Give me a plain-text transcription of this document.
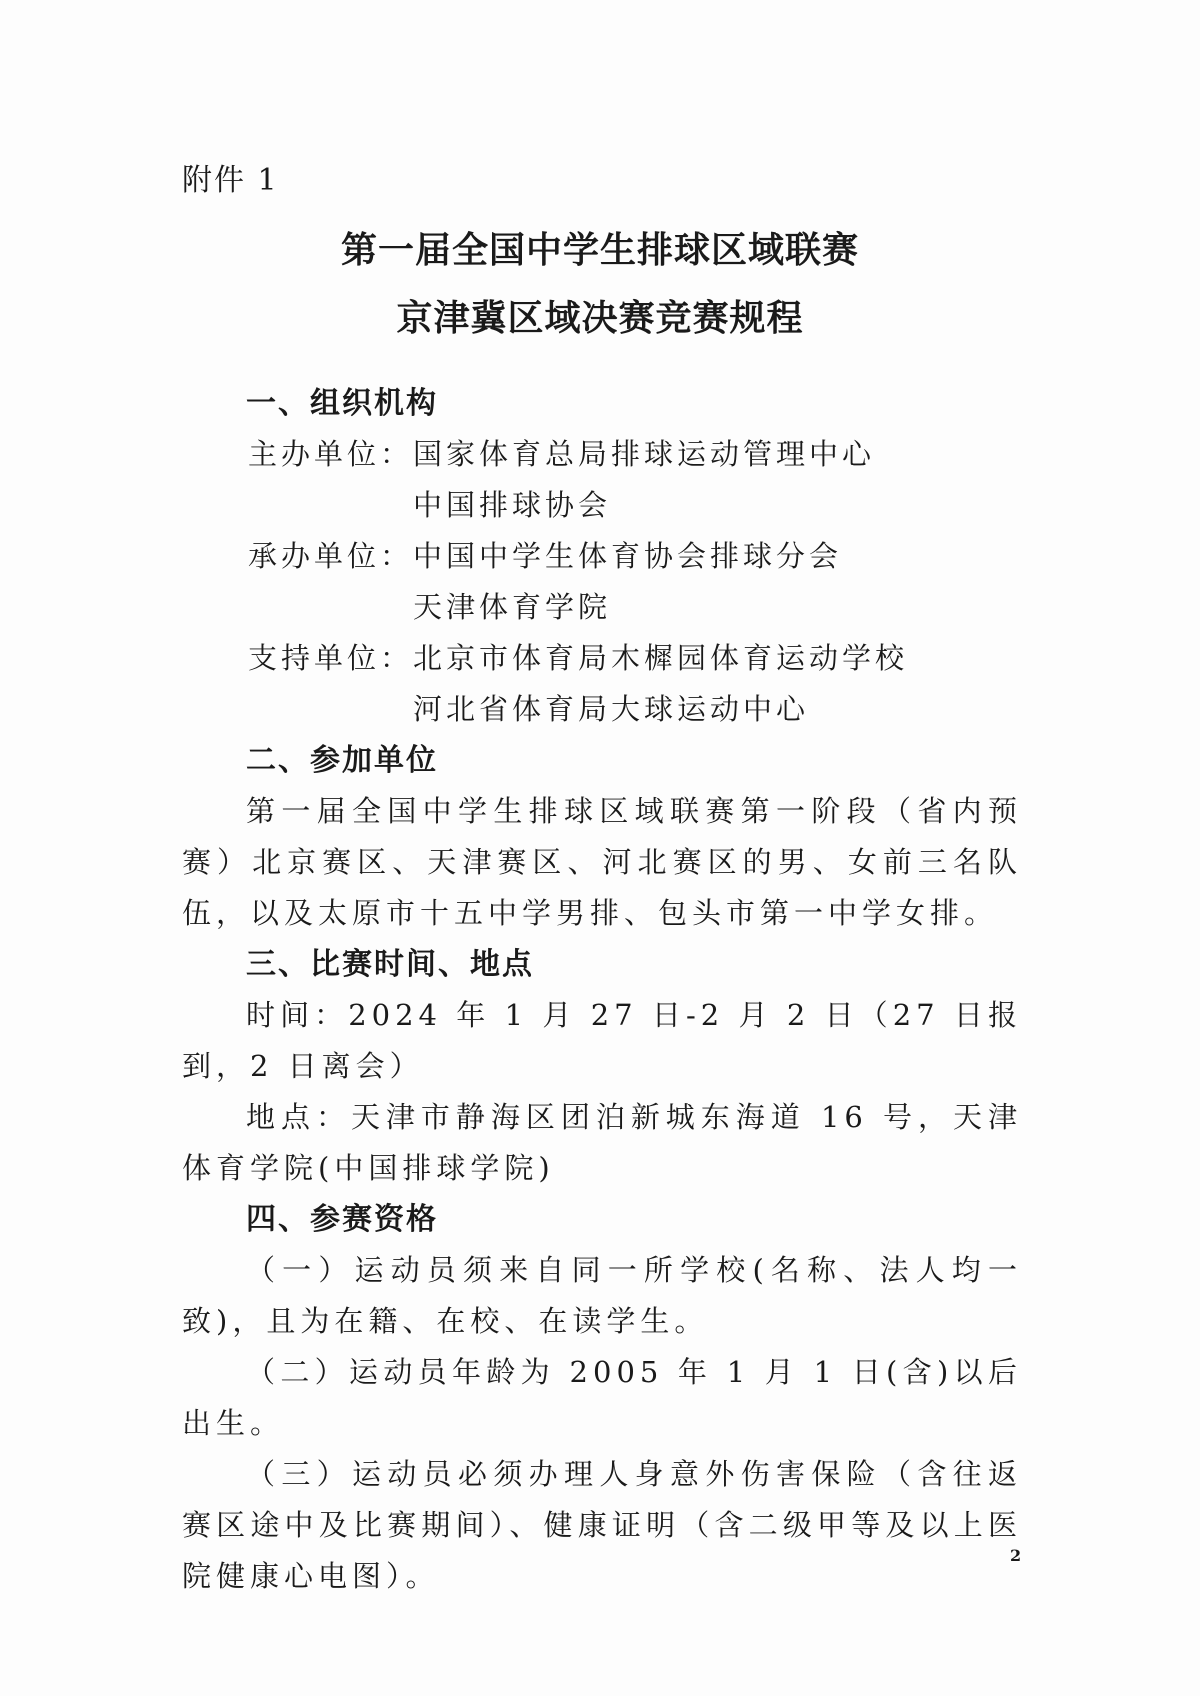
附件 1
第一届全国中学生排球区域联赛
京津冀区域决赛竞赛规程
一、组织机构
主办单位： 国家体育总局排球运动管理中心
中国排球协会
承办单位： 中国中学生体育协会排球分会
天津体育学院
支持单位： 北京市体育局木樨园体育运动学校
河北省体育局大球运动中心
二、参加单位

第一届全国中学生排球区域联赛第一阶段（省内预赛）北京赛区、天津赛区、河北赛区的男、女前三名队伍，以及太原市十五中学男排、包头市第一中学女排。

三、比赛时间、地点

时间：2024 年 1 月 27 日-2 月 2 日（27 日报到，2 日离会）

地点：天津市静海区团泊新城东海道 16 号，天津体育学院(中国排球学院)

四、参赛资格

（一）运动员须来自同一所学校(名称、法人均一致)，且为在籍、在校、在读学生。

（二）运动员年龄为 2005 年 1 月 1 日(含)以后出生。

（三）运动员必须办理人身意外伤害保险（含往返赛区途中及比赛期间）、健康证明（含二级甲等及以上医院健康心电图）。

2
